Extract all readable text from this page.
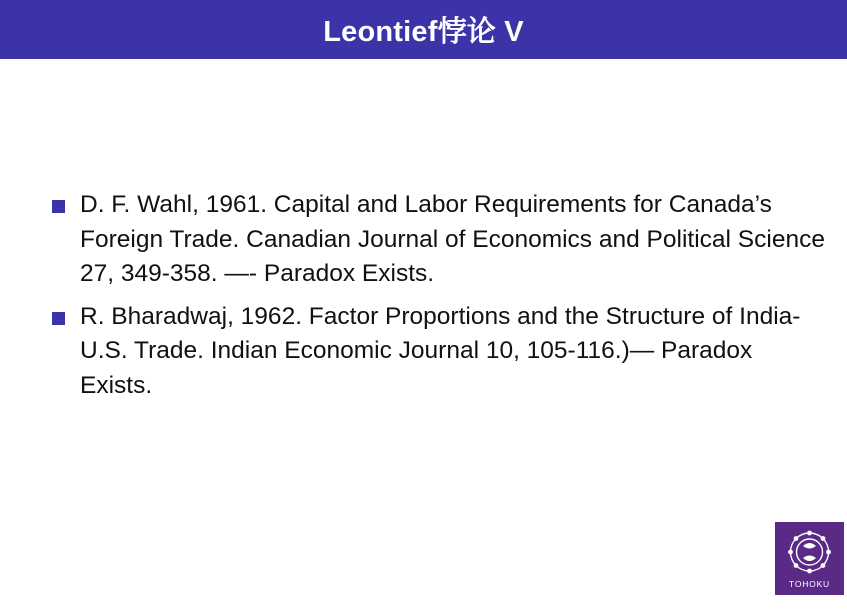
Leontief悖论 V
D. F. Wahl, 1961. Capital and Labor Requirements for Canada’s Foreign Trade. Canadian Journal of Economics and Political Science 27, 349-358. —- Paradox Exists.
R. Bharadwaj, 1962. Factor Proportions and the Structure of India-U.S. Trade. Indian Economic Journal 10, 105-116.)— Paradox Exists.
TOHOKU
